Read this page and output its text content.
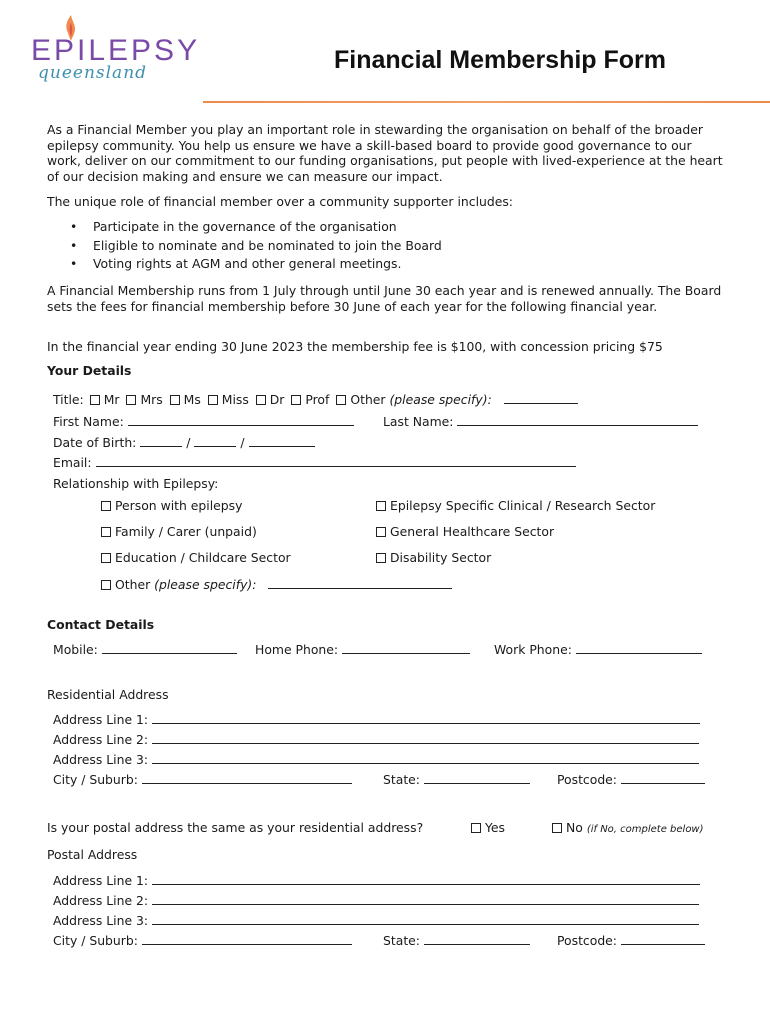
EPILEPSY
queensland	Financial Membership Form
As a Financial Member you play an important role in stewarding the organisation on behalf of the broader epilepsy community. You help us ensure we have a skill-based board to provide good governance to our work, deliver on our commitment to our funding organisations, put people with lived-experience at the heart of our decision making and ensure we can measure our impact.
The unique role of financial member over a community supporter includes:
• Participate in the governance of the organisation
• Eligible to nominate and be nominated to join the Board
• Voting rights at AGM and other general meetings.
A Financial Membership runs from 1 July through until June 30 each year and is renewed annually. The Board sets the fees for financial membership before 30 June of each year for the following financial year.
In the financial year ending 30 June 2023 the membership fee is $100, with concession pricing $75
Your Details
Title: Mr Mrs Ms Miss Dr Prof Other (please specify):
First Name:	Last Name:
Date of Birth:	/	/
Email:
Relationship with Epilepsy:
Person with epilepsy	Epilepsy Specific Clinical / Research Sector
Family / Carer (unpaid)	General Healthcare Sector
Education / Childcare Sector	Disability Sector
Other (please specify):
Contact Details
Mobile:	Home Phone:	Work Phone:
Residential Address
Address Line 1:
Address Line 2:
Address Line 3:
City / Suburb:	State:	Postcode:
Is your postal address the same as your residential address?	Yes	No (if No, complete below)
Postal Address
Address Line 1:
Address Line 2:
Address Line 3:
City / Suburb:	State:	Postcode:
